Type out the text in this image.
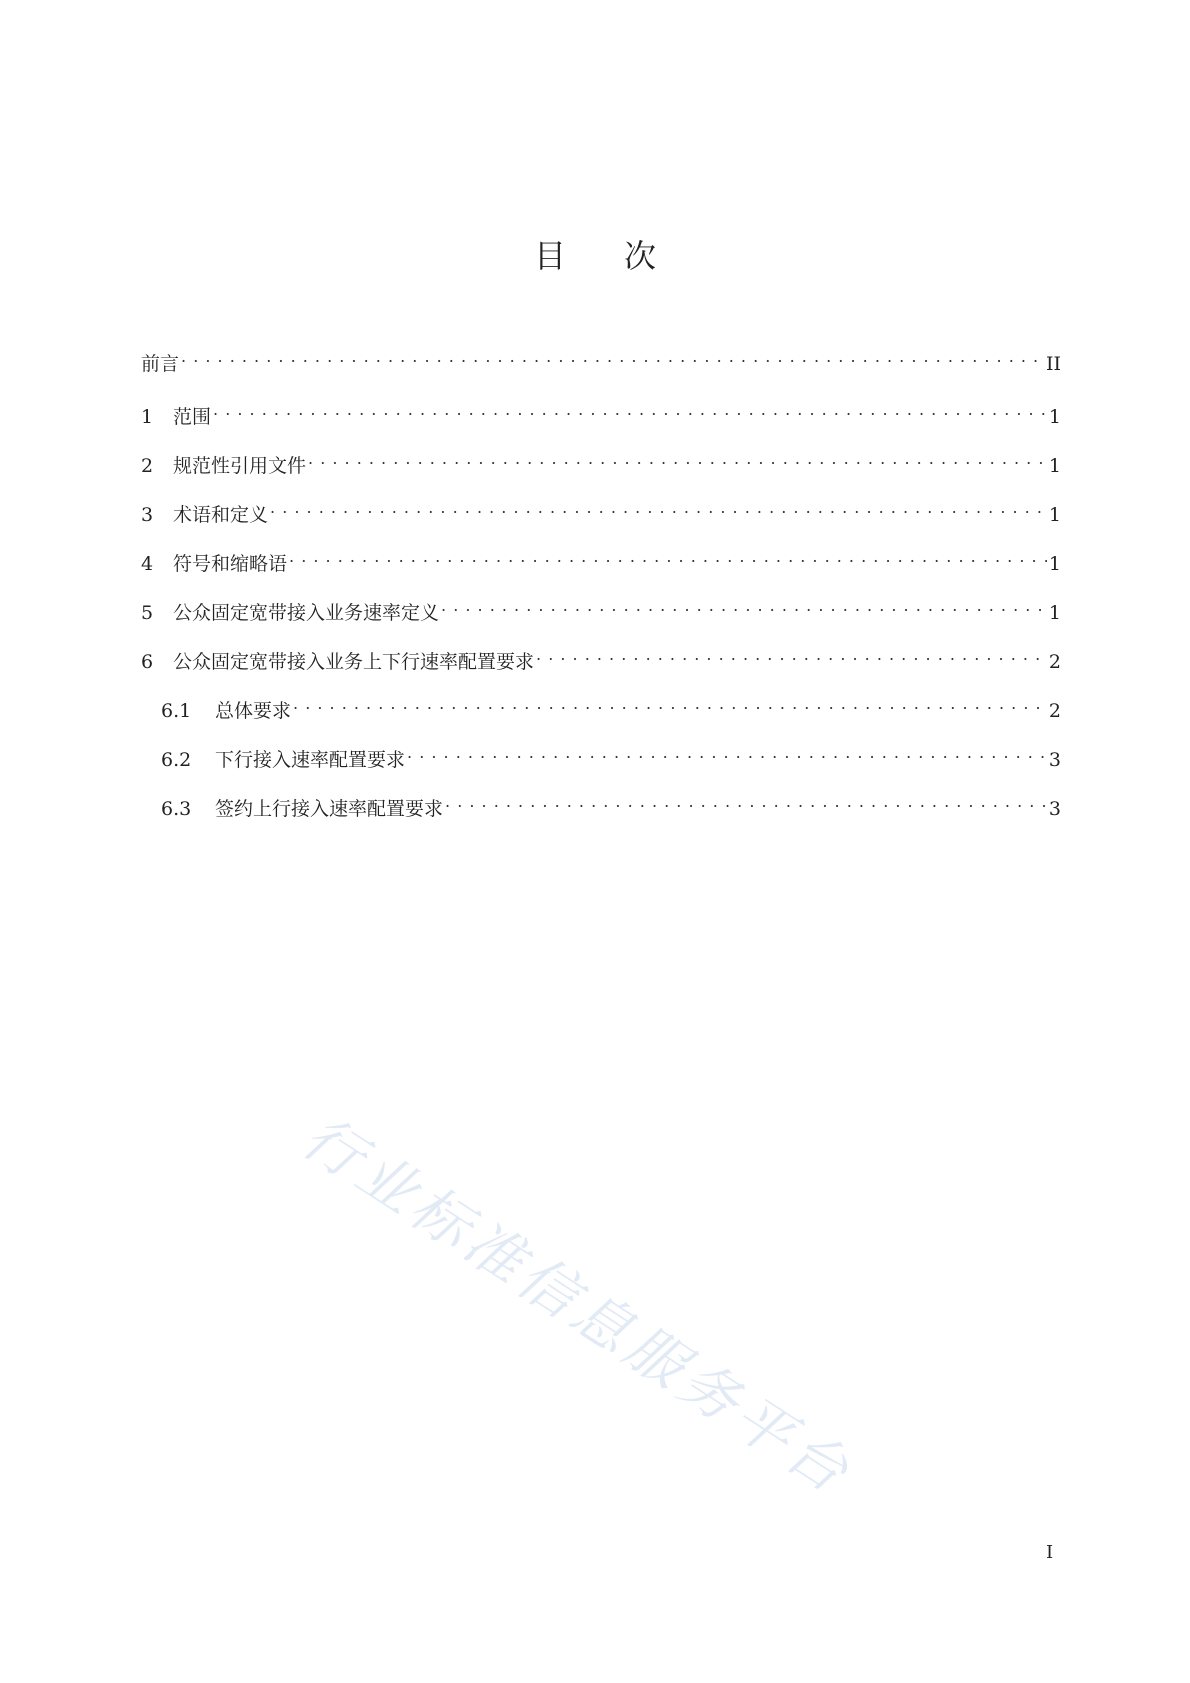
目 次
前言 . . .	II
1	范围 . . .	1
2	规范性引用文件 . . .	1
3	术语和定义 . . .	1
4	符号和缩略语 . . .	1
5	公众固定宽带接入业务速率定义 . . .	1
6	公众固定宽带接入业务上下行速率配置要求 . . .	2
6.1	总体要求 . . .	2
6.2	下行接入速率配置要求 . . .	3
6.3	签约上行接入速率配置要求 . . .	3
行业标准信息服务平台
I
